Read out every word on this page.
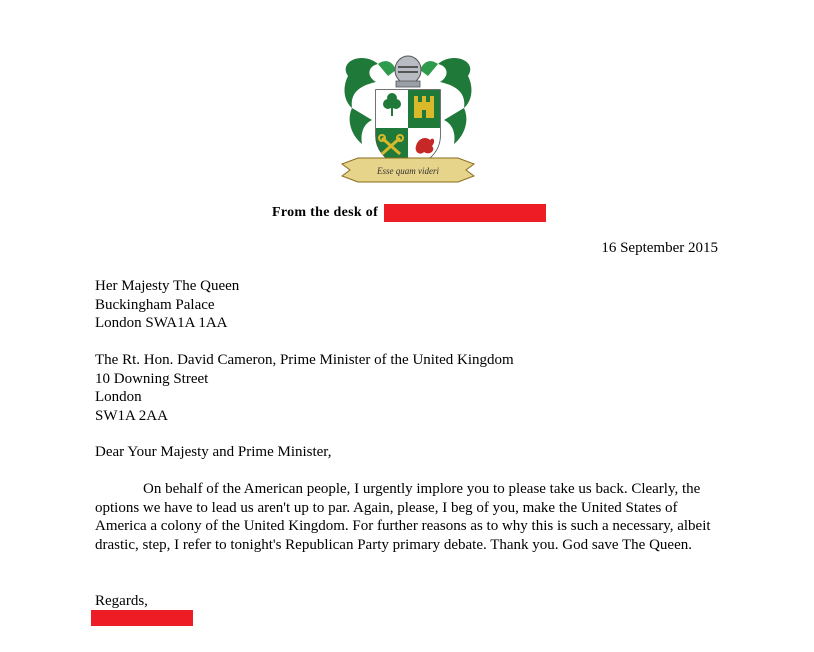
Esse quam videri
From the desk of
16 September 2015
Her Majesty The Queen
Buckingham Palace
London SWA1A 1AA
The Rt. Hon. David Cameron, Prime Minister of the United Kingdom
10 Downing Street
London
SW1A 2AA
Dear Your Majesty and Prime Minister,
On behalf of the American people, I urgently implore you to please take us back. Clearly, the options we have to lead us aren't up to par. Again, please, I beg of you, make the United States of America a colony of the United Kingdom. For further reasons as to why this is such a necessary, albeit drastic, step, I refer to tonight's Republican Party primary debate. Thank you. God save The Queen.
Regards,
